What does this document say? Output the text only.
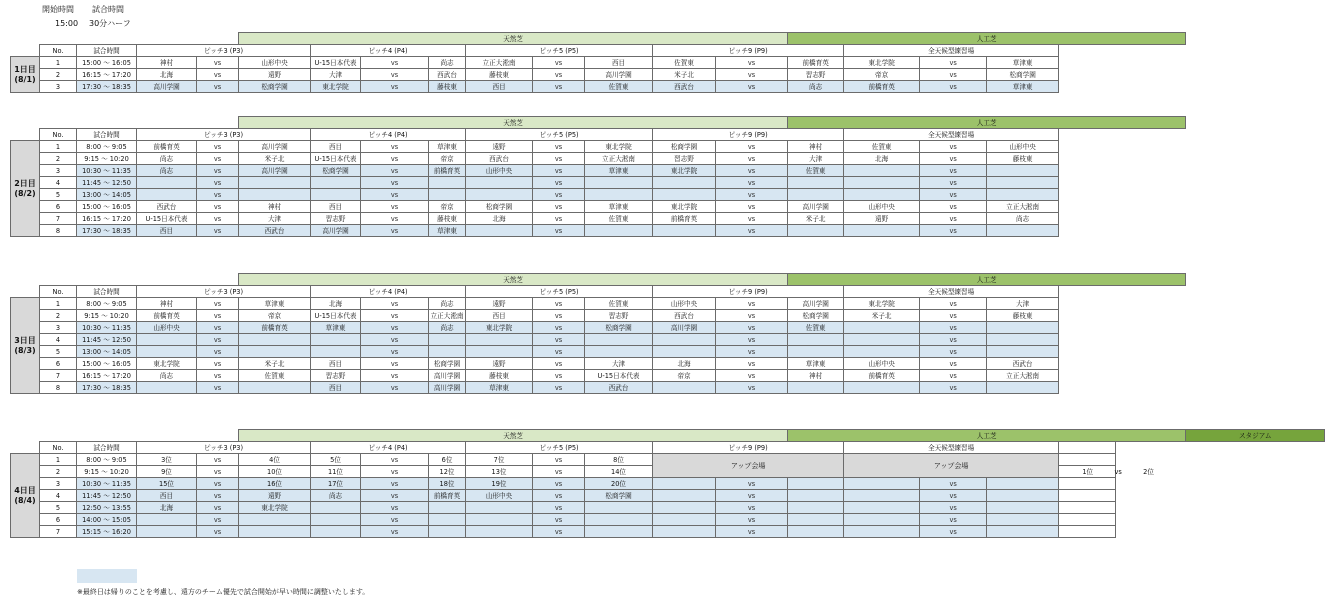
開始時間 試合時間
15:00 30分ハーフ
					天然芝									人工芝			
	No.	試合時間	ピッチ3 (P3)			ピッチ4 (P4)			ピッチ5 (P5)			ピッチ9 (P9)			全天候型練習場		

1日目
(8/1)	1	15:00 ～ 16:05	神村	vs	山形中央	U-15日本代表	vs	尚志	立正大淞南	vs	西目	佐賀東	vs	前橋育英	東北学院	vs	草津東
	2	16:15 ～ 17:20	北海	vs	遠野	大津	vs	西武台	藤枝東	vs	高川学園	米子北	vs	習志野	帝京	vs	松商学園
	3	17:30 ～ 18:35	高川学園	vs	松商学園	東北学院	vs	藤枝東	西目	vs	佐賀東	西武台	vs	尚志	前橋育英	vs	草津東
					天然芝									人工芝			
	No.	試合時間	ピッチ3 (P3)			ピッチ4 (P4)			ピッチ5 (P5)			ピッチ9 (P9)			全天候型練習場		

2日目
(8/2)	1	8:00 ～ 9:05	前橋育英	vs	高川学園	西目	vs	草津東	遠野	vs	東北学院	松商学園	vs	神村	佐賀東	vs	山形中央
	2	9:15 ～ 10:20	尚志	vs	米子北	U-15日本代表	vs	帝京	西武台	vs	立正大淞南	習志野	vs	大津	北海	vs	藤枝東
	3	10:30 ～ 11:35	尚志	vs	高川学園	松商学園	vs	前橋育英	山形中央	vs	草津東	東北学院	vs	佐賀東		vs	
	4	11:45 ～ 12:50		vs			vs			vs			vs			vs	
	5	13:00 ～ 14:05		vs			vs			vs			vs			vs	
	6	15:00 ～ 16:05	西武台	vs	神村	西目	vs	帝京	松商学園	vs	草津東	東北学院	vs	高川学園	山形中央	vs	立正大淞南
	7	16:15 ～ 17:20	U-15日本代表	vs	大津	習志野	vs	藤枝東	北海	vs	佐賀東	前橋育英	vs	米子北	遠野	vs	尚志
	8	17:30 ～ 18:35	西目	vs	西武台	高川学園	vs	草津東		vs			vs			vs	
					天然芝									人工芝			
	No.	試合時間	ピッチ3 (P3)			ピッチ4 (P4)			ピッチ5 (P5)			ピッチ9 (P9)			全天候型練習場		

3日目
(8/3)	1	8:00 ～ 9:05	神村	vs	草津東	北海	vs	尚志	遠野	vs	佐賀東	山形中央	vs	高川学園	東北学院	vs	大津
	2	9:15 ～ 10:20	前橋育英	vs	帝京	U-15日本代表	vs	立正大淞南	西目	vs	習志野	西武台	vs	松商学園	米子北	vs	藤枝東
	3	10:30 ～ 11:35	山形中央	vs	前橋育英	草津東	vs	尚志	東北学院	vs	松商学園	高川学園	vs	佐賀東		vs	
	4	11:45 ～ 12:50		vs			vs			vs			vs			vs	
	5	13:00 ～ 14:05		vs			vs			vs			vs			vs	
	6	15:00 ～ 16:05	東北学院	vs	米子北	西目	vs	松商学園	遠野	vs	大津	北海	vs	草津東	山形中央	vs	西武台
	7	16:15 ～ 17:20	尚志	vs	佐賀東	習志野	vs	高川学園	藤枝東	vs	U-15日本代表	帝京	vs	神村	前橋育英	vs	立正大淞南
	8	17:30 ～ 18:35		vs		西目	vs	高川学園	草津東	vs	西武台		vs			vs	
					天然芝									人工芝					スタジアム
	No.	試合時間	ピッチ3 (P3)			ピッチ4 (P4)			ピッチ5 (P5)			ピッチ9 (P9)			全天候型練習場				

4日目
(8/4)	1	8:00 ～ 9:05	3位	vs	4位	5位	vs	6位	7位	vs	8位	アップ会場			アップ会場				
	2	9:15 ～ 10:20	9位	vs	10位	11位	vs	12位	13位	vs	14位							1位 vs 2位	
	3	10:30 ～ 11:35	15位	vs	16位	17位	vs	18位	19位	vs	20位		vs			vs			
	4	11:45 ～ 12:50	西目	vs	遠野	尚志	vs	前橋育英	山形中央	vs	松商学園		vs			vs			
	5	12:50 ～ 13:55	北海	vs	東北学院		vs			vs			vs			vs			
	6	14:00 ～ 15:05		vs			vs			vs			vs			vs			
	7	15:15 ～ 16:20		vs			vs			vs			vs			vs			
※最終日は帰りのことを考慮し、遠方のチーム優先で試合開始が早い時間に調整いたします。
